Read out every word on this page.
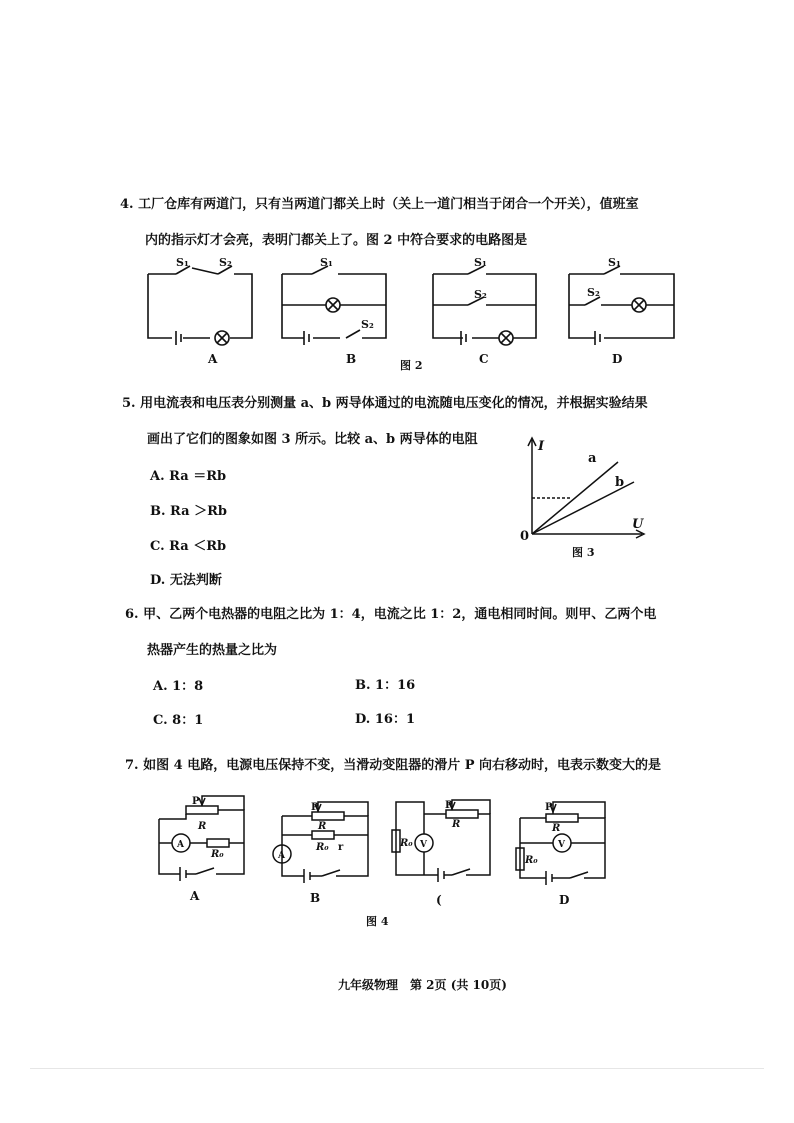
4. 工厂仓库有两道门，只有当两道门都关上时（关上一道门相当于闭合一个开关），值班室
内的指示灯才会亮，表明门都关上了。图 2 中符合要求的电路图是
S₁	S₂	S₁
S₂
S₁
S₂
S₁
S₂
A	B	图 2	C	D
5. 用电流表和电压表分别测量 a、b 两导体通过的电流随电压变化的情况，并根据实验结果
画出了它们的图象如图 3 所示。比较 a、b 两导体的电阻
A. Ra ＝Rb
B. Ra ＞Rb
C. Ra ＜Rb
D. 无法判断
I
U
0
a
b
图 3
6. 甲、乙两个电热器的电阻之比为 1：4，电流之比 1：2，通电相同时间。则甲、乙两个电
热器产生的热量之比为
A. 1：8	B. 1：16
C. 8：1	D. 16：1
7. 如图 4 电路，电源电压保持不变，当滑动变阻器的滑片 P 向右移动时，电表示数变大的是
P
R
A
R₀
P
R
A
R₀ r
P
R
R₀ V
P
R
V
R₀
A	B	(	D
图 4
九年级物理　第 2页 (共 10页)
